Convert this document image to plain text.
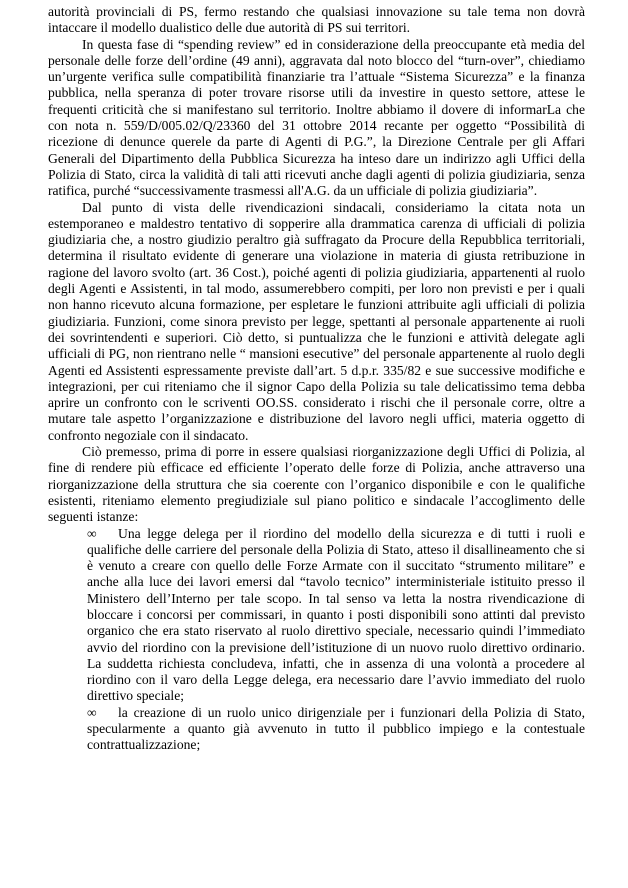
autorità provinciali di PS, fermo restando che qualsiasi innovazione su tale tema non dovrà intaccare il modello dualistico delle due autorità di PS sui territori.

In questa fase di “spending review” ed in considerazione della preoccupante età media del personale delle forze dell’ordine (49 anni), aggravata dal noto blocco del “turn-over”, chiediamo un’urgente verifica sulle compatibilità finanziarie tra l’attuale “Sistema Sicurezza” e la finanza pubblica, nella speranza di poter trovare risorse utili da investire in questo settore, attese le frequenti criticità che si manifestano sul territorio. Inoltre abbiamo il dovere di informarLa che con nota n. 559/D/005.02/Q/23360 del 31 ottobre 2014 recante per oggetto “Possibilità di ricezione di denunce querele da parte di Agenti di P.G.”, la Direzione Centrale per gli Affari Generali del Dipartimento della Pubblica Sicurezza ha inteso dare un indirizzo agli Uffici della Polizia di Stato, circa la validità di tali atti ricevuti anche dagli agenti di polizia giudiziaria, senza ratifica, purché “successivamente trasmessi all'A.G. da un ufficiale di polizia giudiziaria”.

Dal punto di vista delle rivendicazioni sindacali, consideriamo la citata nota un estemporaneo e maldestro tentativo di sopperire alla drammatica carenza di ufficiali di polizia giudiziaria che, a nostro giudizio peraltro già suffragato da Procure della Repubblica territoriali, determina il risultato evidente di generare una violazione in materia di giusta retribuzione in ragione del lavoro svolto (art. 36 Cost.), poiché agenti di polizia giudiziaria, appartenenti al ruolo degli Agenti e Assistenti, in tal modo, assumerebbero compiti, per loro non previsti e per i quali non hanno ricevuto alcuna formazione, per espletare le funzioni attribuite agli ufficiali di polizia giudiziaria. Funzioni, come sinora previsto per legge, spettanti al personale appartenente ai ruoli dei sovrintendenti e superiori. Ciò detto, si puntualizza che le funzioni e attività delegate agli ufficiali di PG, non rientrano nelle “ mansioni esecutive” del personale appartenente al ruolo degli Agenti ed Assistenti espressamente previste dall’art. 5 d.p.r. 335/82 e sue successive modifiche e integrazioni, per cui riteniamo che il signor Capo della Polizia su tale delicatissimo tema debba aprire un confronto con le scriventi OO.SS. considerato i rischi che il personale corre, oltre a mutare tale aspetto l’organizzazione e distribuzione del lavoro negli uffici, materia oggetto di confronto negoziale con il sindacato.

Ciò premesso, prima di porre in essere qualsiasi riorganizzazione degli Uffici di Polizia, al fine di rendere più efficace ed efficiente l’operato delle forze di Polizia, anche attraverso una riorganizzazione della struttura che sia coerente con l’organico disponibile e con le qualifiche esistenti, riteniamo elemento pregiudiziale sul piano politico e sindacale l’accoglimento delle seguenti istanze:

∞ Una legge delega per il riordino del modello della sicurezza e di tutti i ruoli e qualifiche delle carriere del personale della Polizia di Stato, atteso il disallineamento che si è venuto a creare con quello delle Forze Armate con il succitato “strumento militare” e anche alla luce dei lavori emersi dal “tavolo tecnico” interministeriale istituito presso il Ministero dell’Interno per tale scopo. In tal senso va letta la nostra rivendicazione di bloccare i concorsi per commissari, in quanto i posti disponibili sono attinti dal previsto organico che era stato riservato al ruolo direttivo speciale, necessario quindi l’immediato avvio del riordino con la previsione dell’istituzione di un nuovo ruolo direttivo ordinario. La suddetta richiesta concludeva, infatti, che in assenza di una volontà a procedere al riordino con il varo della Legge delega, era necessario dare l’avvio immediato del ruolo direttivo speciale;

∞ la creazione di un ruolo unico dirigenziale per i funzionari della Polizia di Stato, specularmente a quanto già avvenuto in tutto il pubblico impiego e la contestuale contrattualizzazione;
